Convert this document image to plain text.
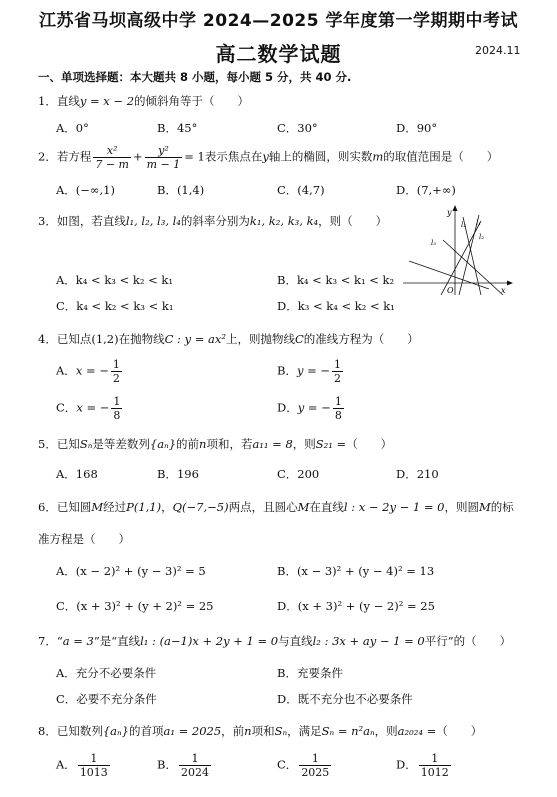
江苏省马坝高级中学 2024—2025 学年度第一学期期中考试
高二数学试题	2024.11
一、单项选择题：本大题共 8 小题，每小题 5 分，共 40 分.
1．直线y = x − 2的倾斜角等于（　　）
A．0°	B．45°	C．30°	D．90°
2．若方程 $\frac{\text{x²}}{7 - m} + \frac{\text{y²}}{m - 1} = 1$表示焦点在y轴上的椭圆，则实数m的取值范围是（　　）
A．(−∞,1)	B．(1,4)	C．(4,7)	D．(7,+∞)
3．如图，若直线l₁, l₂, l₃, l₄的斜率分别为k₁, k₂, k₃, k₄，则（　　）
A．k₄ < k₃ < k₂ < k₁	B．k₄ < k₃ < k₁ < k₂
C．k₄ < k₂ < k₃ < k₁	D．k₃ < k₄ < k₂ < k₁
y
x
O
l₁
l₂
l₃
l₄
4．已知点(1,2)在抛物线C : y = ax²上，则抛物线C的准线方程为（　　）
A．x = − $\frac{1}{2}$	B．y = − $\frac{1}{2}$
C．x = − $\frac{1}{8}$	D．y = − $\frac{1}{8}$
5．已知Sₙ是等差数列{aₙ}的前n项和，若a₁₁ = 8，则S₂₁ =（　　）
A．168	B．196	C．200	D．210
6．已知圆M经过P(1,1)，Q(−7,−5)两点，且圆心M在直线l : x − 2y − 1 = 0，则圆M的标
准方程是（　　）
A．(x − 2)² + (y − 3)² = 5	B．(x − 3)² + (y − 4)² = 13
C．(x + 3)² + (y + 2)² = 25	D．(x + 3)² + (y − 2)² = 25
7．“a = 3”是“直线l₁ : (a−1)x + 2y + 1 = 0与直线l₂ : 3x + ay − 1 = 0平行”的（　　）
A．充分不必要条件	B．充要条件
C．必要不充分条件	D．既不充分也不必要条件
8．已知数列{aₙ}的首项a₁ = 2025，前n项和Sₙ，满足Sₙ = n²aₙ，则a₂₀₂₄ =（　　）
A． $\frac{1}{1013}$	B． $\frac{1}{2024}$	C． $\frac{1}{2025}$	D． $\frac{1}{1012}$
